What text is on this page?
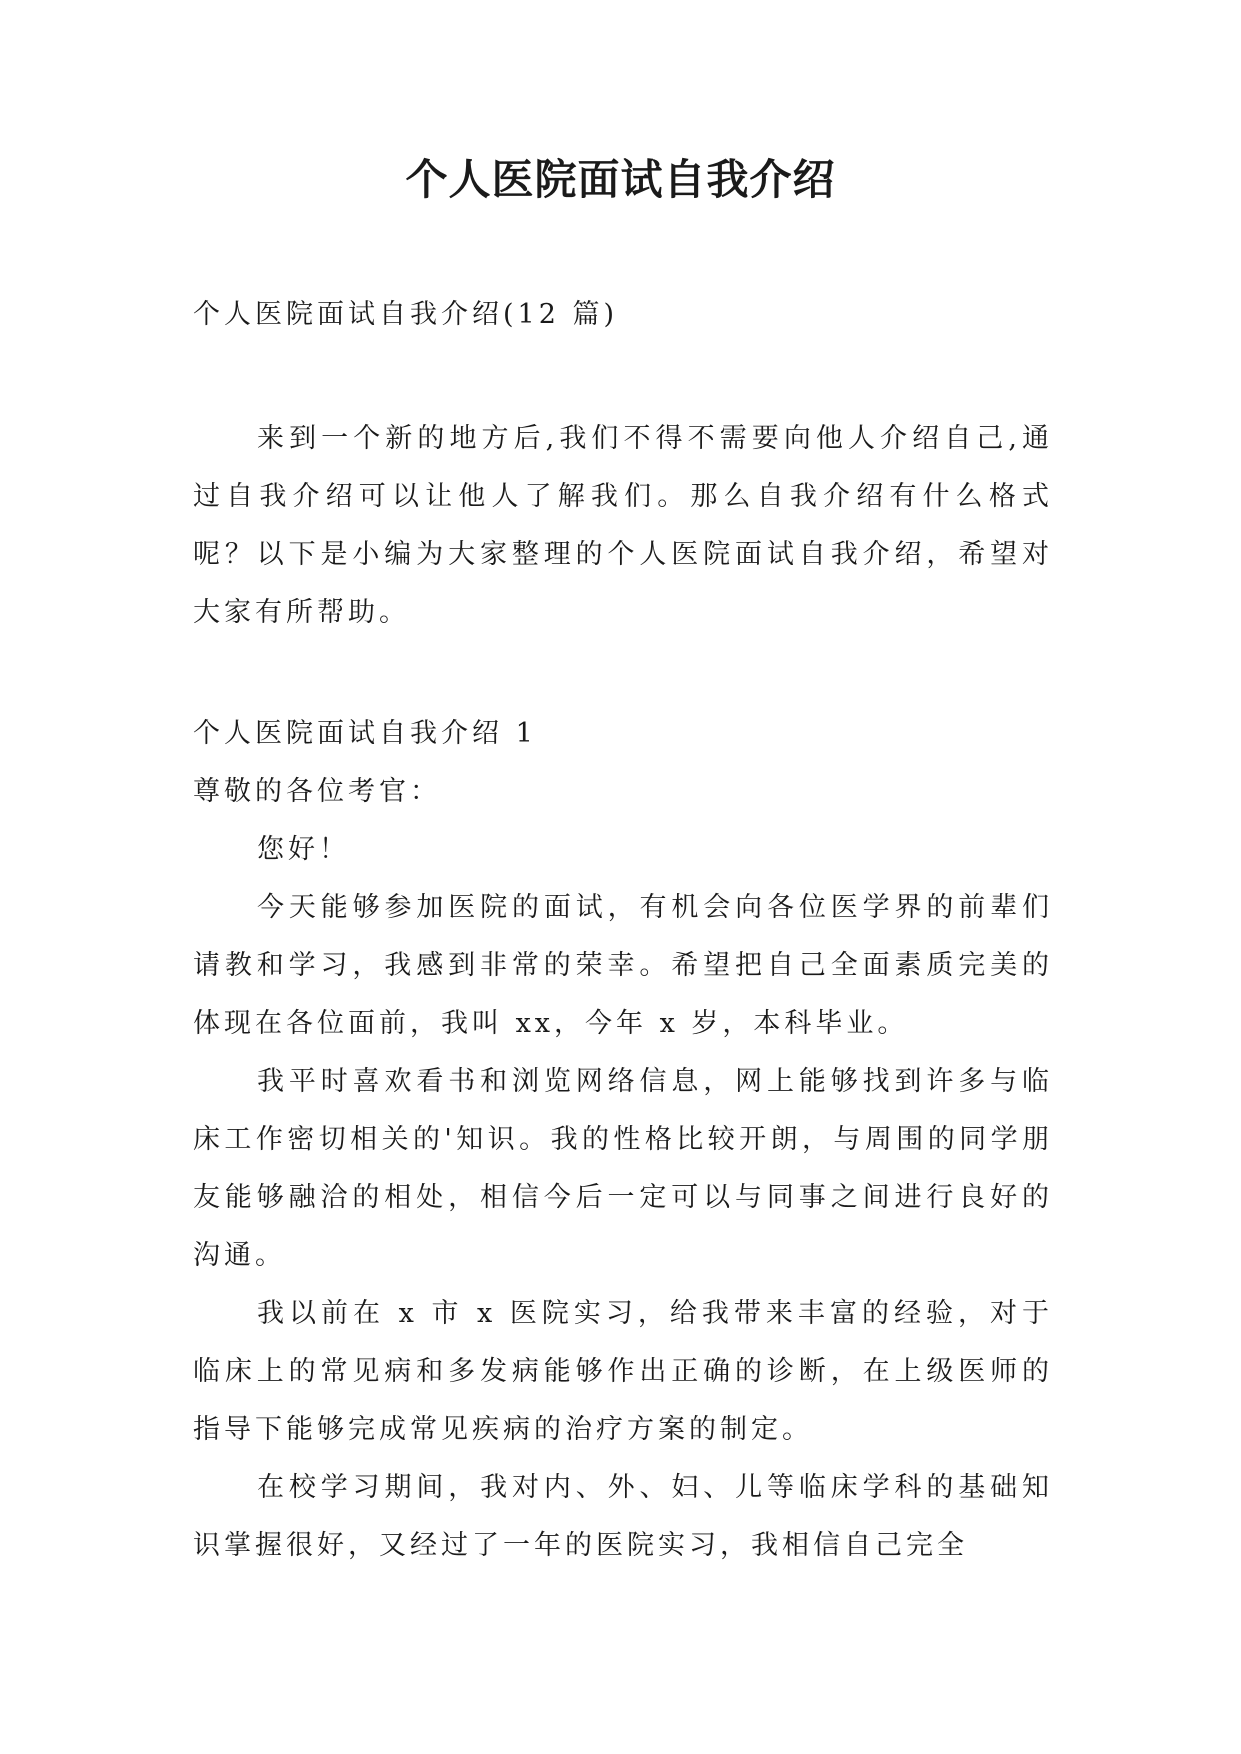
个人医院面试自我介绍
个人医院面试自我介绍(12 篇)
来到一个新的地方后,我们不得不需要向他人介绍自己,通过自我介绍可以让他人了解我们。那么自我介绍有什么格式呢？以下是小编为大家整理的个人医院面试自我介绍，希望对大家有所帮助。

个人医院面试自我介绍 1

尊敬的各位考官：

您好！

今天能够参加医院的面试，有机会向各位医学界的前辈们请教和学习，我感到非常的荣幸。希望把自己全面素质完美的体现在各位面前，我叫 xx，今年 x 岁，本科毕业。

我平时喜欢看书和浏览网络信息，网上能够找到许多与临床工作密切相关的'知识。我的性格比较开朗，与周围的同学朋友能够融洽的相处，相信今后一定可以与同事之间进行良好的沟通。

我以前在 x 市 x 医院实习，给我带来丰富的经验，对于临床上的常见病和多发病能够作出正确的诊断，在上级医师的指导下能够完成常见疾病的治疗方案的制定。

在校学习期间，我对内、外、妇、儿等临床学科的基础知识掌握很好，又经过了一年的医院实习，我相信自己完全
